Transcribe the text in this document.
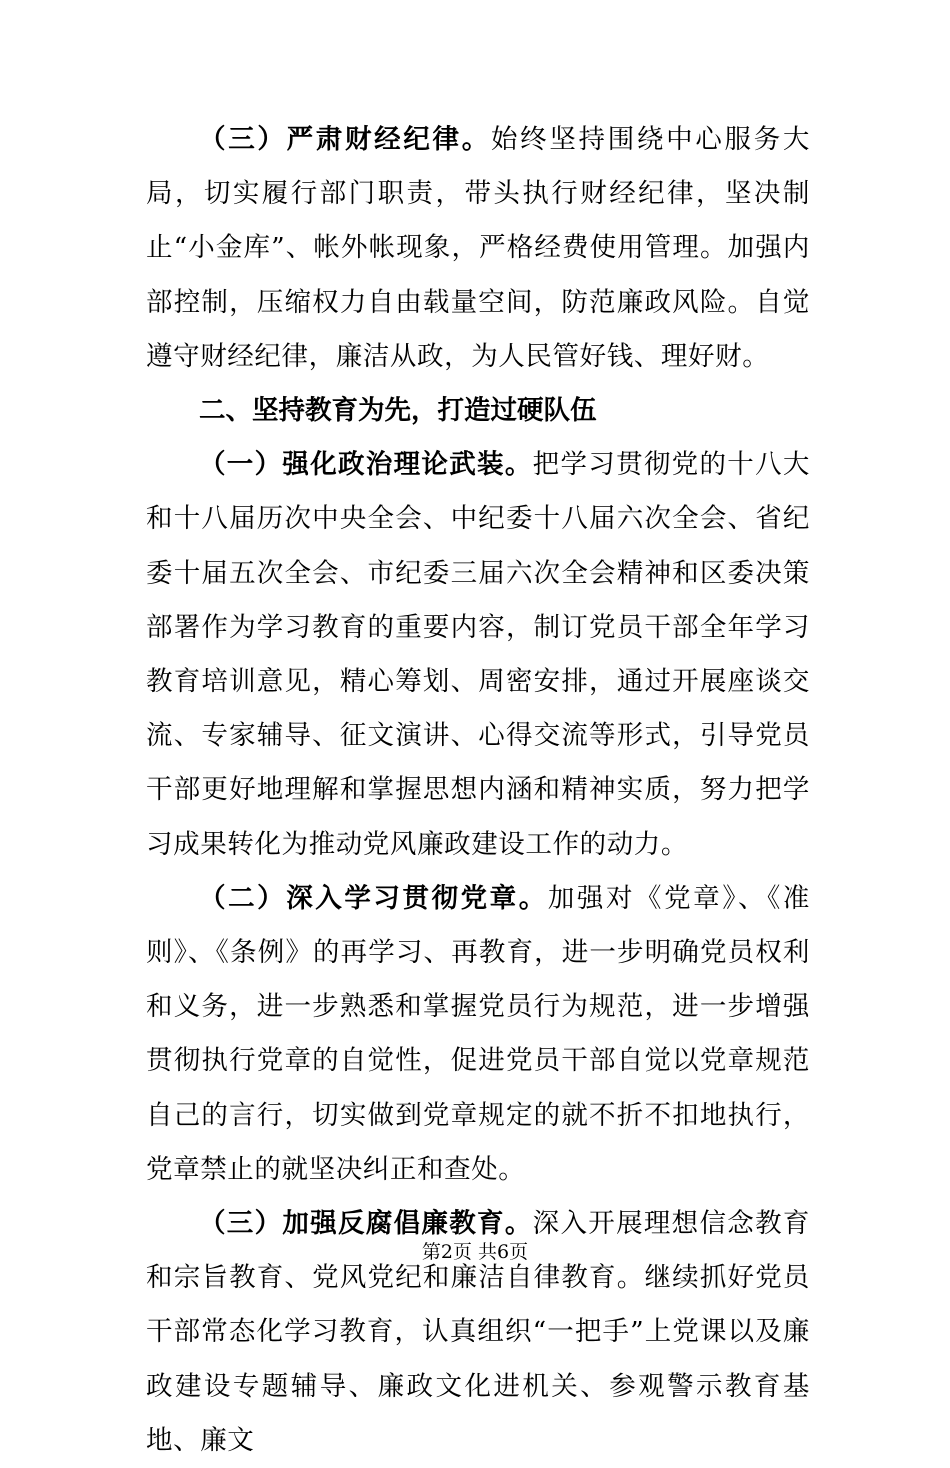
（三）严肃财经纪律。始终坚持围绕中心服务大局，切实履行部门职责，带头执行财经纪律，坚决制止“小金库”、帐外帐现象，严格经费使用管理。加强内部控制，压缩权力自由载量空间，防范廉政风险。自觉遵守财经纪律，廉洁从政，为人民管好钱、理好财。

二、坚持教育为先，打造过硬队伍

（一）强化政治理论武装。把学习贯彻党的十八大和十八届历次中央全会、中纪委十八届六次全会、省纪委十届五次全会、市纪委三届六次全会精神和区委决策部署作为学习教育的重要内容，制订党员干部全年学习教育培训意见，精心筹划、周密安排，通过开展座谈交流、专家辅导、征文演讲、心得交流等形式，引导党员干部更好地理解和掌握思想内涵和精神实质，努力把学习成果转化为推动党风廉政建设工作的动力。

（二）深入学习贯彻党章。加强对《党章》、《准则》、《条例》的再学习、再教育，进一步明确党员权利和义务，进一步熟悉和掌握党员行为规范，进一步增强贯彻执行党章的自觉性，促进党员干部自觉以党章规范自己的言行，切实做到党章规定的就不折不扣地执行，党章禁止的就坚决纠正和查处。

（三）加强反腐倡廉教育。深入开展理想信念教育和宗旨教育、党风党纪和廉洁自律教育。继续抓好党员干部常态化学习教育，认真组织“一把手”上党课以及廉政建设专题辅导、廉政文化进机关、参观警示教育基地、廉文

第2页 共6页
